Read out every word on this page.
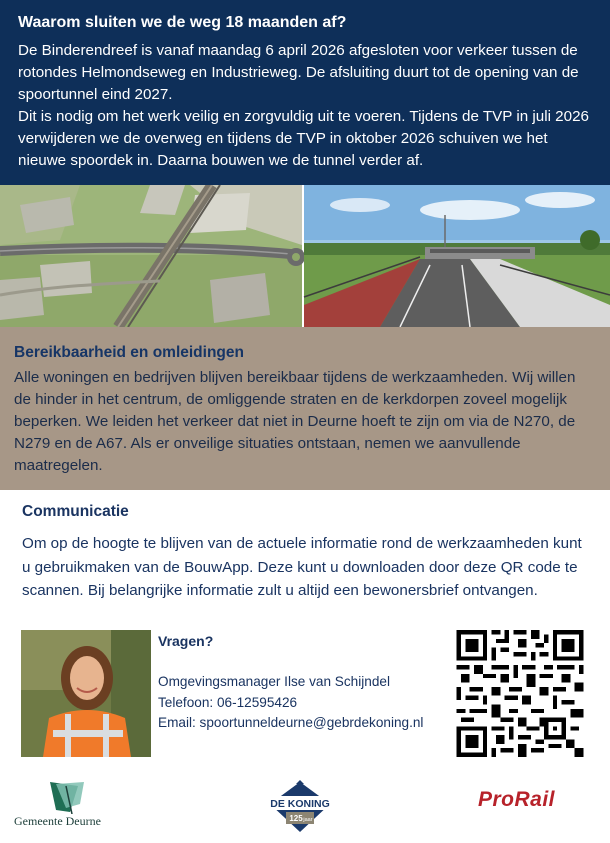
Waarom sluiten we de weg 18 maanden af?

De Binderendreef is vanaf maandag 6 april 2026 afgesloten voor verkeer tussen de rotondes Helmondseweg en Industrieweg. De afsluiting duurt tot de opening van de spoortunnel eind 2027.

Dit is nodig om het werk veilig en zorgvuldig uit te voeren. Tijdens de TVP in juli 2026 verwijderen we de overweg en tijdens de TVP in oktober 2026 schuiven we het nieuwe spoordek in. Daarna bouwen we de tunnel verder af.

Bereikbaarheid en omleidingen

Alle woningen en bedrijven blijven bereikbaar tijdens de werkzaamheden. Wij willen de hinder in het centrum, de omliggende straten en de kerkdorpen zoveel mogelijk beperken. We leiden het verkeer dat niet in Deurne hoeft te zijn om via de N270, de N279 en de A67. Als er onveilige situaties ontstaan, nemen we aanvullende maatregelen.

Communicatie

Om op de hoogte te blijven van de actuele informatie rond de werkzaamheden kunt u gebruikmaken van de BouwApp. Deze kunt u downloaden door deze QR code te scannen. Bij belangrijke informatie zult u altijd een bewonersbrief ontvangen.

Vragen?
Omgevingsmanager Ilse van Schijndel
Telefoon: 06-12595426
Email: spoortunneldeurne@gebrdekoning.nl
Gemeente Deurne
DE KONING
125 jaar
ProRail
